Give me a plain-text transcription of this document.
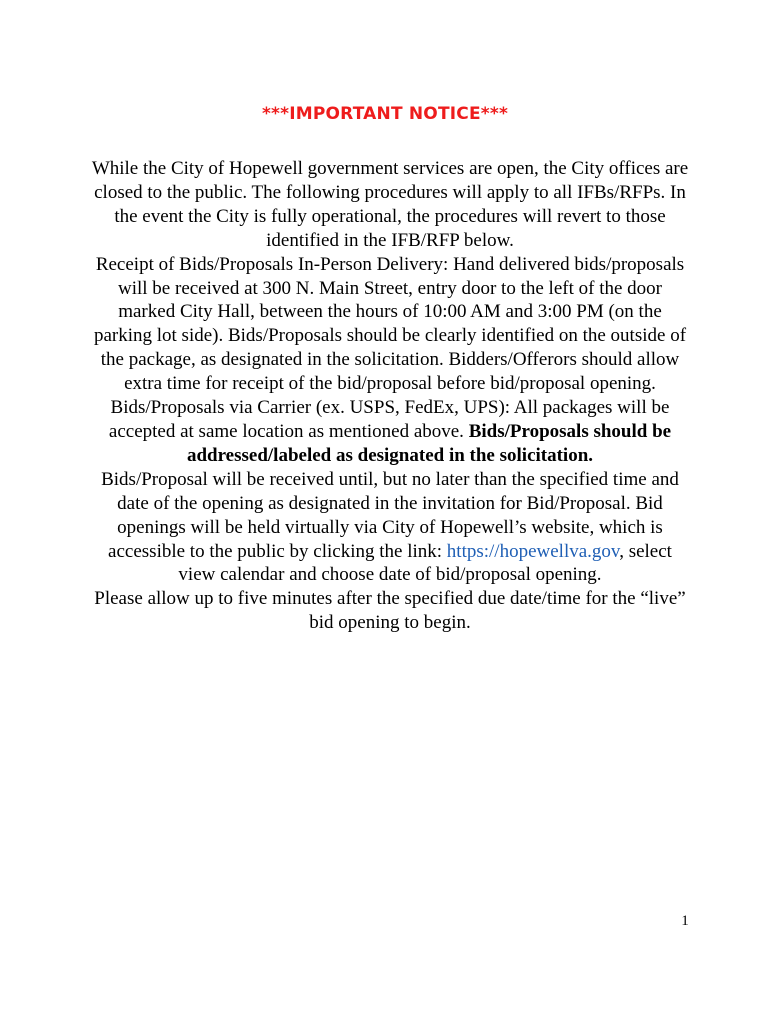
***IMPORTANT NOTICE***

While the City of Hopewell government services are open, the City offices are closed to the public. The following procedures will apply to all IFBs/RFPs. In the event the City is fully operational, the procedures will revert to those identified in the IFB/RFP below.

Receipt of Bids/Proposals In-Person Delivery: Hand delivered bids/proposals will be received at 300 N. Main Street, entry door to the left of the door marked City Hall, between the hours of 10:00 AM and 3:00 PM (on the parking lot side). Bids/Proposals should be clearly identified on the outside of the package, as designated in the solicitation. Bidders/Offerors should allow extra time for receipt of the bid/proposal before bid/proposal opening. Bids/Proposals via Carrier (ex. USPS, FedEx, UPS): All packages will be accepted at same location as mentioned above. Bids/Proposals should be addressed/labeled as designated in the solicitation.

Bids/Proposal will be received until, but no later than the specified time and date of the opening as designated in the invitation for Bid/Proposal. Bid openings will be held virtually via City of Hopewell’s website, which is accessible to the public by clicking the link: https://hopewellva.gov, select view calendar and choose date of bid/proposal opening.

Please allow up to five minutes after the specified due date/time for the “live” bid opening to begin.

1
